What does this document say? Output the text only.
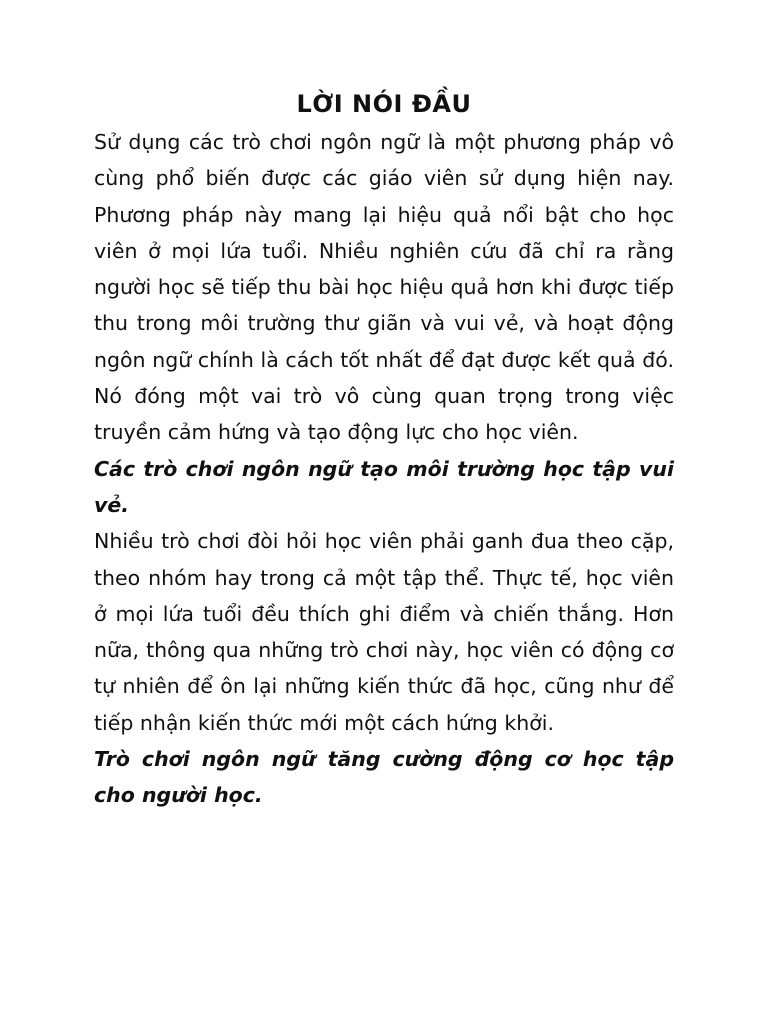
LỜI NÓI ĐẦU

Sử dụng các trò chơi ngôn ngữ là một phương pháp vô cùng phổ biến được các giáo viên sử dụng hiện nay. Phương pháp này mang lại hiệu quả nổi bật cho học viên ở mọi lứa tuổi. Nhiều nghiên cứu đã chỉ ra rằng người học sẽ tiếp thu bài học hiệu quả hơn khi được tiếp thu trong môi trường thư giãn và vui vẻ, và hoạt động ngôn ngữ chính là cách tốt nhất để đạt được kết quả đó. Nó đóng một vai trò vô cùng quan trọng trong việc truyền cảm hứng và tạo động lực cho học viên.

Các trò chơi ngôn ngữ tạo môi trường học tập vui vẻ.

Nhiều trò chơi đòi hỏi học viên phải ganh đua theo cặp, theo nhóm hay trong cả một tập thể. Thực tế, học viên ở mọi lứa tuổi đều thích ghi điểm và chiến thắng. Hơn nữa, thông qua những trò chơi này, học viên có động cơ tự nhiên để ôn lại những kiến thức đã học, cũng như để tiếp nhận kiến thức mới một cách hứng khởi.

Trò chơi ngôn ngữ tăng cường động cơ học tập cho người học.
